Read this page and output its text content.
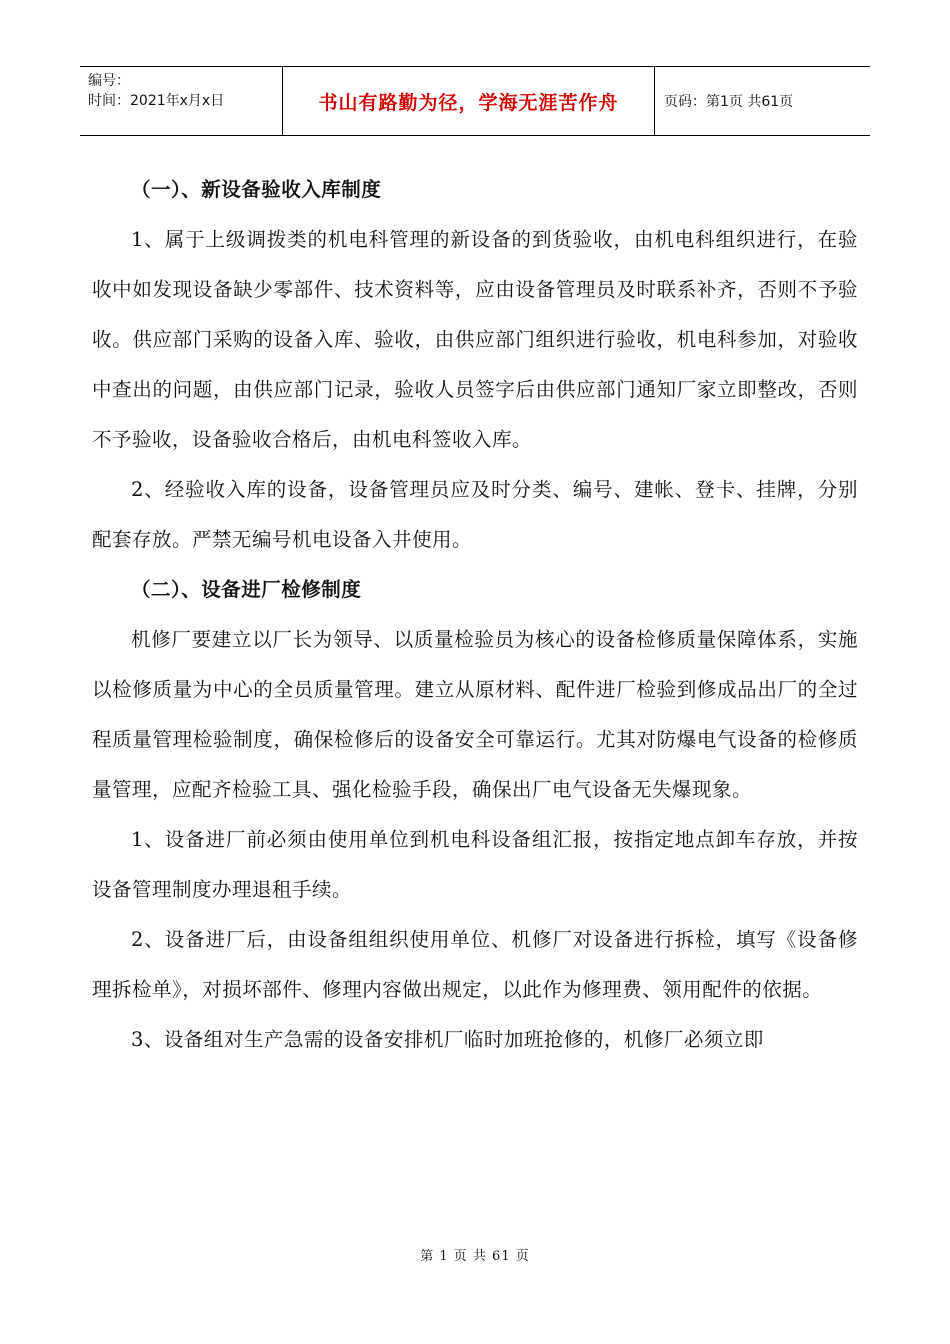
编号：
时间：2021年x月x日	书山有路勤为径，学海无涯苦作舟	页码：第1页 共61页

（一）、新设备验收入库制度

1、属于上级调拨类的机电科管理的新设备的到货验收，由机电科组织进行，在验收中如发现设备缺少零部件、技术资料等，应由设备管理员及时联系补齐，否则不予验收。供应部门采购的设备入库、验收，由供应部门组织进行验收，机电科参加，对验收中查出的问题，由供应部门记录，验收人员签字后由供应部门通知厂家立即整改，否则不予验收，设备验收合格后，由机电科签收入库。

2、经验收入库的设备，设备管理员应及时分类、编号、建帐、登卡、挂牌，分别配套存放。严禁无编号机电设备入井使用。

（二）、设备进厂检修制度

机修厂要建立以厂长为领导、以质量检验员为核心的设备检修质量保障体系，实施以检修质量为中心的全员质量管理。建立从原材料、配件进厂检验到修成品出厂的全过程质量管理检验制度，确保检修后的设备安全可靠运行。尤其对防爆电气设备的检修质量管理，应配齐检验工具、强化检验手段，确保出厂电气设备无失爆现象。

1、设备进厂前必须由使用单位到机电科设备组汇报，按指定地点卸车存放，并按设备管理制度办理退租手续。

2、设备进厂后，由设备组组织使用单位、机修厂对设备进行拆检，填写《设备修理拆检单》，对损坏部件、修理内容做出规定，以此作为修理费、领用配件的依据。

3、设备组对生产急需的设备安排机厂临时加班抢修的，机修厂必须立即

第 1 页 共 61 页
